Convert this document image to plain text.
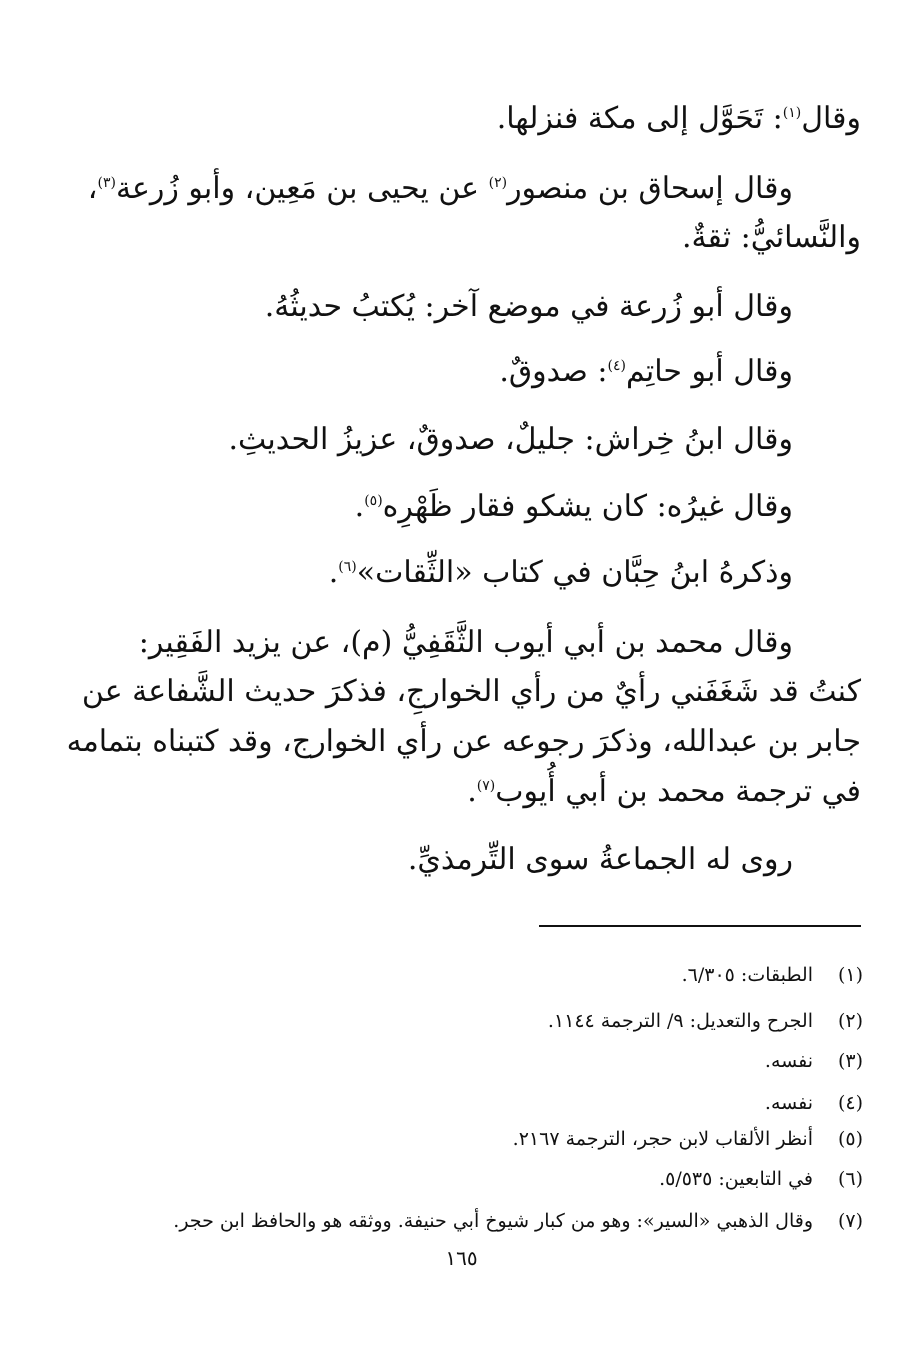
وقال$^{(١)}$: تَحَوَّل إلى مكة فنزلها.
وقال إسحاق بن منصور$^{(٢)}$ عن يحيى بن مَعِين، وأبو زُرعة$^{(٣)}$،
والنَّسائيُّ: ثقةٌ.
وقال أبو زُرعة في موضع آخر: يُكتبُ حديثُهُ.
وقال أبو حاتِم$^{(٤)}$: صدوقٌ.
وقال ابنُ خِراش: جليلٌ، صدوقٌ، عزيزُ الحديثِ.
وقال غيرُه: كان يشكو فقار ظَهْرِه$^{(٥)}$.
وذكرهُ ابنُ حِبَّان في كتاب «الثِّقات»$^{(٦)}$.
وقال محمد بن أبي أيوب الثَّقَفِيُّ (م)، عن يزيد الفَقِير:
كنتُ قد شَغَفَني رأيٌ من رأي الخوارجِ، فذكرَ حديث الشَّفاعة عن
جابر بن عبدالله، وذكرَ رجوعه عن رأي الخوارج، وقد كتبناه بتمامه
في ترجمة محمد بن أبي أُيوب$^{(٧)}$.
روى له الجماعةُ سوى التِّرمذيِّ.
(١)الطبقات: ٦/٣٠٥.
(٢)الجرح والتعديل: ٩/ الترجمة ١١٤٤.
(٣)نفسه.
(٤)نفسه.
(٥)أنظر الألقاب لابن حجر، الترجمة ٢١٦٧.
(٦)في التابعين: ٥/٥٣٥.
(٧)وقال الذهبي «السير»: وهو من كبار شيوخ أبي حنيفة. ووثقه هو والحافظ ابن حجر.
١٦٥
